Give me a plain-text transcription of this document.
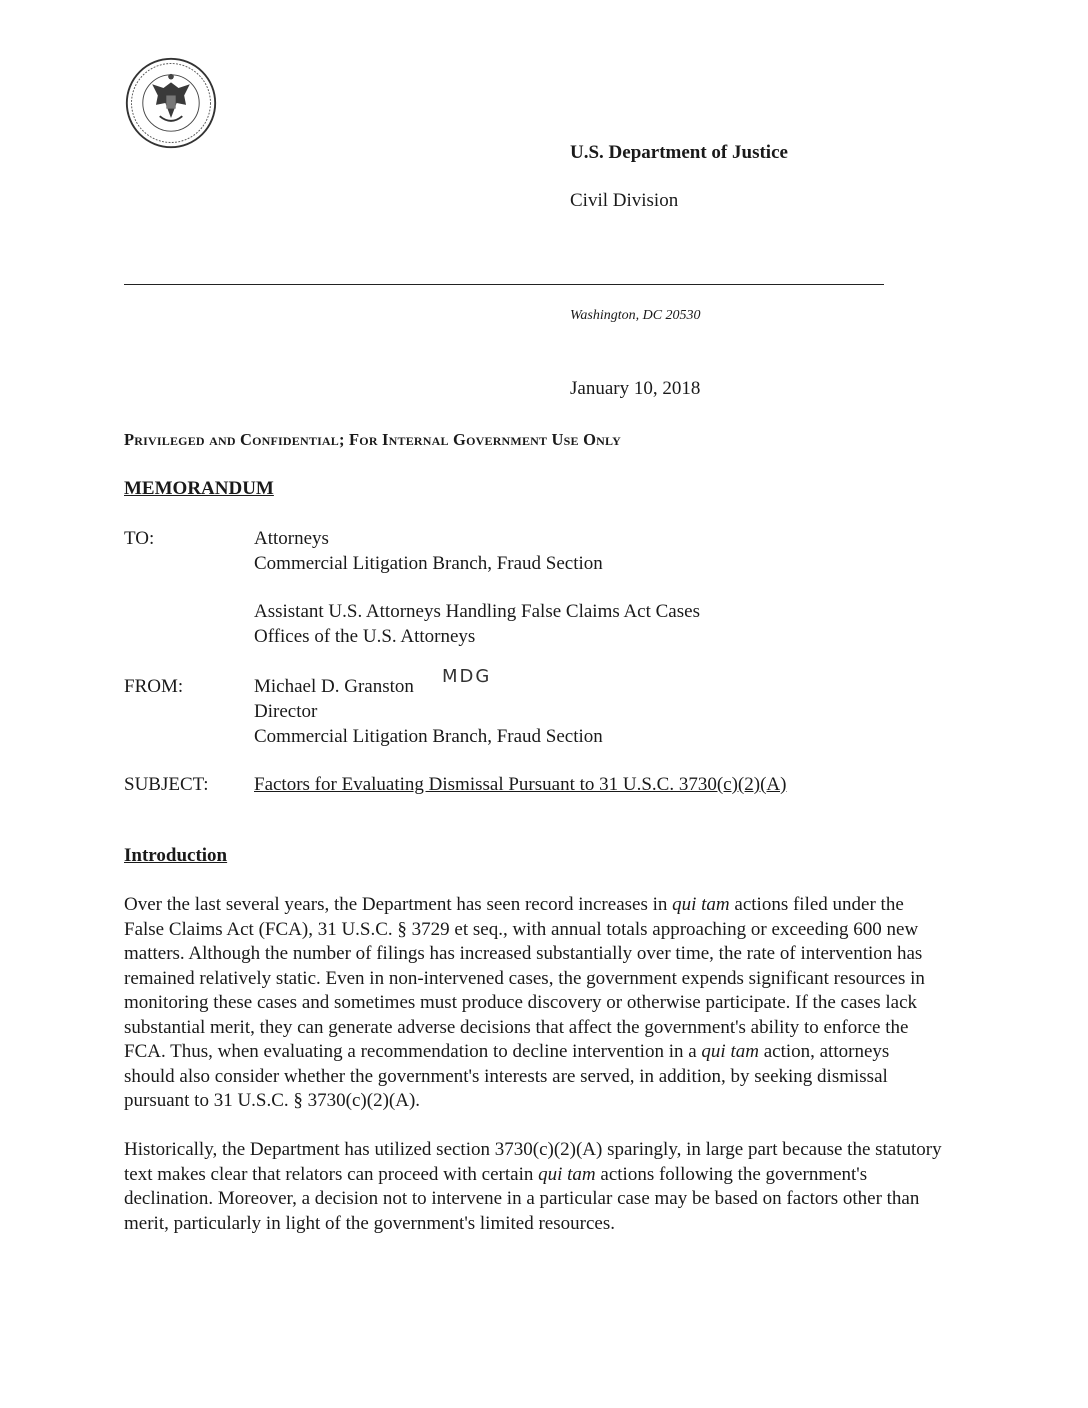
U.S. Department of Justice
Civil Division
Washington, DC 20530
January 10, 2018
Privileged and Confidential; For Internal Government Use Only
MEMORANDUM
TO:	Attorneys
Commercial Litigation Branch, Fraud Section
Assistant U.S. Attorneys Handling False Claims Act Cases
Offices of the U.S. Attorneys
FROM:	Michael D. Granston MDG
Director
Commercial Litigation Branch, Fraud Section
SUBJECT: Factors for Evaluating Dismissal Pursuant to 31 U.S.C. 3730(c)(2)(A)
Introduction

Over the last several years, the Department has seen record increases in qui tam actions filed under the False Claims Act (FCA), 31 U.S.C. § 3729 et seq., with annual totals approaching or exceeding 600 new matters. Although the number of filings has increased substantially over time, the rate of intervention has remained relatively static. Even in non-intervened cases, the government expends significant resources in monitoring these cases and sometimes must produce discovery or otherwise participate. If the cases lack substantial merit, they can generate adverse decisions that affect the government's ability to enforce the FCA. Thus, when evaluating a recommendation to decline intervention in a qui tam action, attorneys should also consider whether the government's interests are served, in addition, by seeking dismissal pursuant to 31 U.S.C. § 3730(c)(2)(A).

Historically, the Department has utilized section 3730(c)(2)(A) sparingly, in large part because the statutory text makes clear that relators can proceed with certain qui tam actions following the government's declination. Moreover, a decision not to intervene in a particular case may be based on factors other than merit, particularly in light of the government's limited resources.
